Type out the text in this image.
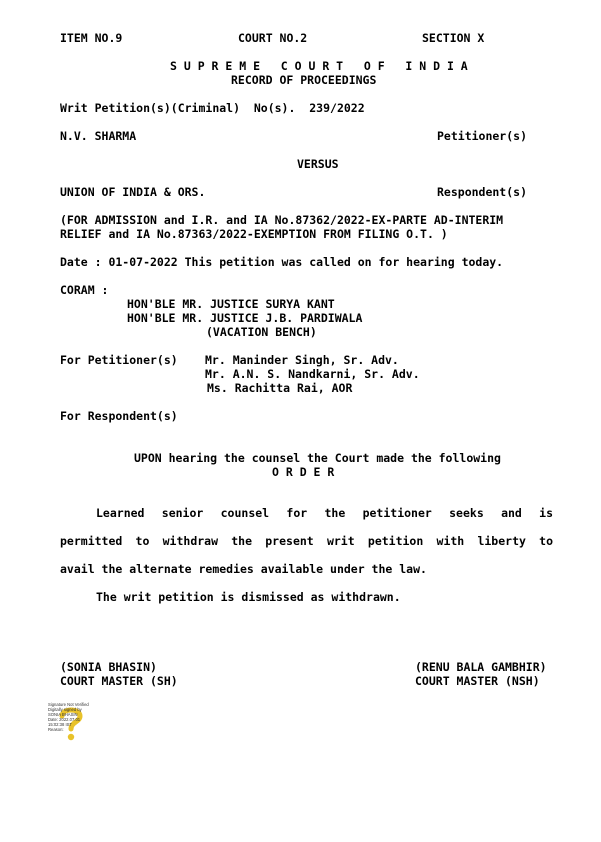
ITEM NO.9	COURT NO.2	SECTION X
S U P R E M E   C O U R T   O F   I N D I A
RECORD OF PROCEEDINGS
Writ Petition(s)(Criminal)  No(s).  239/2022
N.V. SHARMA	Petitioner(s)
VERSUS
UNION OF INDIA & ORS.	Respondent(s)
(FOR ADMISSION and I.R. and IA No.87362/2022-EX-PARTE AD-INTERIM
RELIEF and IA No.87363/2022-EXEMPTION FROM FILING O.T. )
Date : 01-07-2022 This petition was called on for hearing today.
CORAM :
HON'BLE MR. JUSTICE SURYA KANT
HON'BLE MR. JUSTICE J.B. PARDIWALA
(VACATION BENCH)
For Petitioner(s) Mr. Maninder Singh, Sr. Adv.
Mr. A.N. S. Nandkarni, Sr. Adv.
Ms. Rachitta Rai, AOR
For Respondent(s)
UPON hearing the counsel the Court made the following
O R D E R
Learned senior counsel for the petitioner seeks and is
permitted to withdraw the present writ petition with liberty to
avail the alternate remedies available under the law.
The writ petition is dismissed as withdrawn.
(SONIA BHASIN)
COURT MASTER (SH)
(RENU BALA GAMBHIR)
COURT MASTER (NSH)
Signature Not Verified
Digitally signed by
SONIA BHASIN
Date: 2022.07.01
15:02:38 IST
Reason:
